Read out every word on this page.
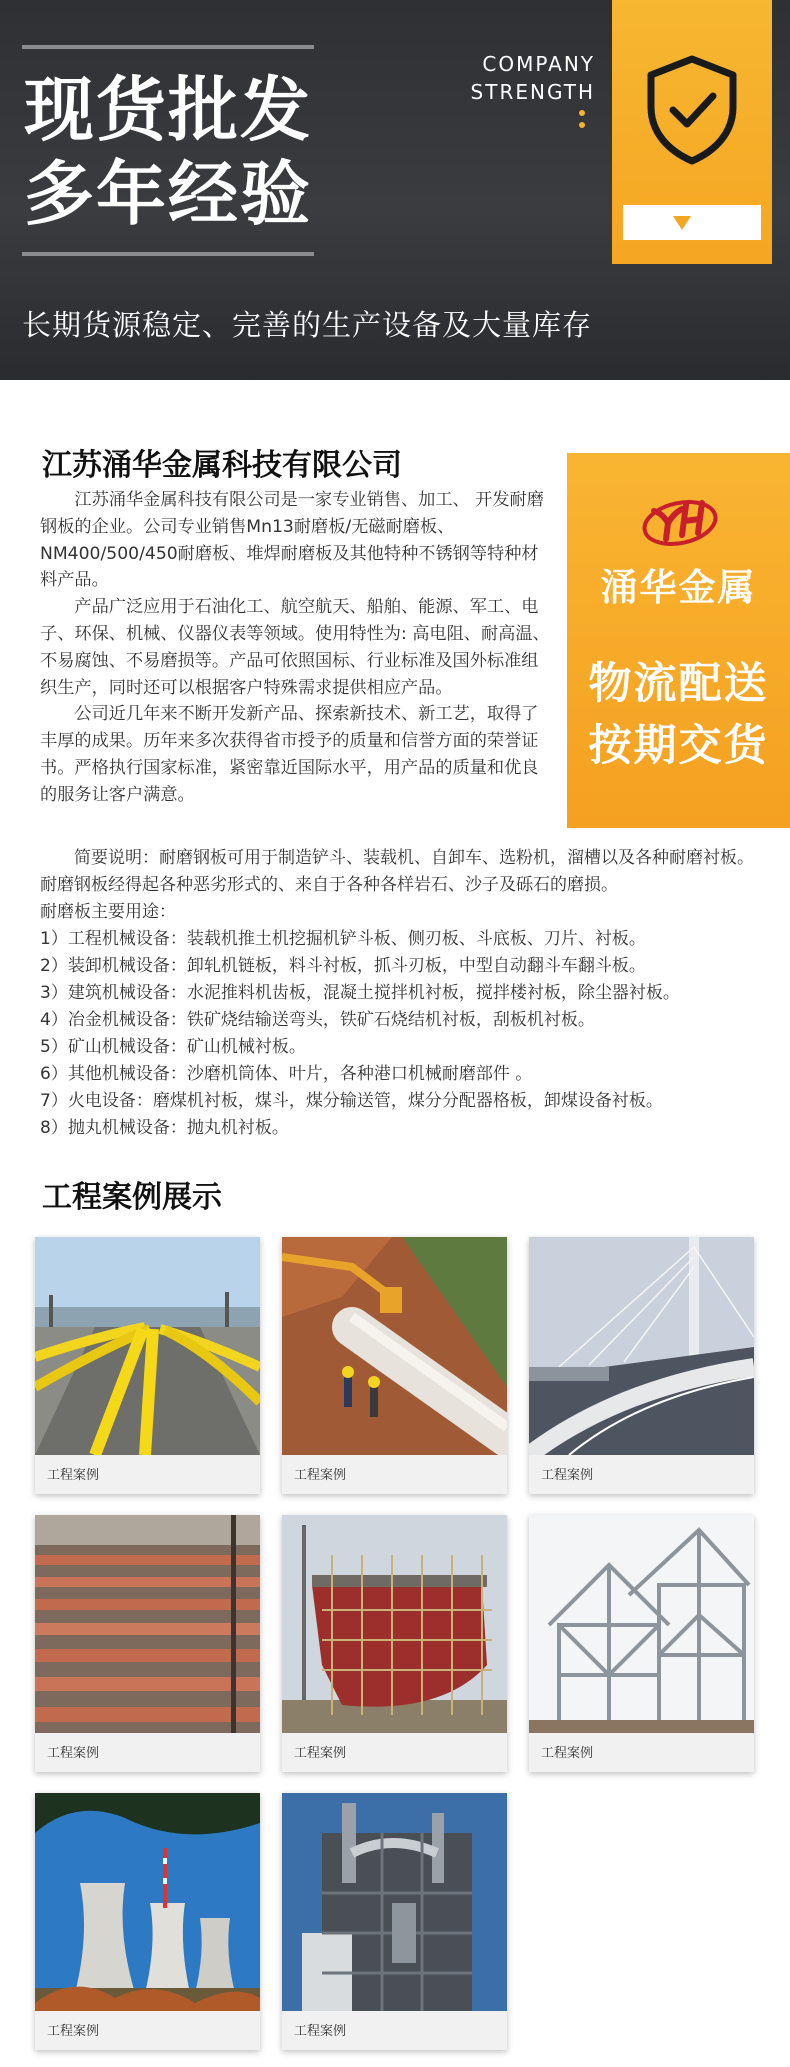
现货批发
多年经验
COMPANY
STRENGTH
长期货源稳定、完善的生产设备及大量库存
江苏涌华金属科技有限公司

江苏涌华金属科技有限公司是一家专业销售、加工、 开发耐磨钢板的企业。公司专业销售Mn13耐磨板/无磁耐磨板、NM400/500/450耐磨板、堆焊耐磨板及其他特种不锈钢等特种材料产品。

产品广泛应用于石油化工、航空航天、船舶、能源、军工、电子、环保、机械、仪器仪表等领域。使用特性为: 高电阻、耐高温、不易腐蚀、不易磨损等。产品可依照国标、行业标准及国外标准组织生产，同时还可以根据客户特殊需求提供相应产品。

公司近几年来不断开发新产品、探索新技术、新工艺，取得了丰厚的成果。历年来多次获得省市授予的质量和信誉方面的荣誉证书。严格执行国家标准，紧密靠近国际水平，用产品的质量和优良的服务让客户满意。

涌华金属
物流配送
按期交货

简要说明：耐磨钢板可用于制造铲斗、装载机、自卸车、选粉机，溜槽以及各种耐磨衬板。耐磨钢板经得起各种恶劣形式的、来自于各种各样岩石、沙子及砾石的磨损。

耐磨板主要用途：

1）工程机械设备：装载机推土机挖掘机铲斗板、侧刃板、斗底板、刀片、衬板。

2）装卸机械设备：卸轧机链板，料斗衬板，抓斗刃板，中型自动翻斗车翻斗板。

3）建筑机械设备：水泥推料机齿板，混凝土搅拌机衬板，搅拌楼衬板，除尘器衬板。

4）冶金机械设备：铁矿烧结输送弯头，铁矿石烧结机衬板，刮板机衬板。

5）矿山机械设备：矿山机械衬板。

6）其他机械设备：沙磨机筒体、叶片，各种港口机械耐磨部件 。

7）火电设备：磨煤机衬板，煤斗，煤分输送管，煤分分配器格板，卸煤设备衬板。

8）抛丸机械设备：抛丸机衬板。

工程案例展示
工程案例	工程案例	工程案例
工程案例	工程案例	工程案例
工程案例	工程案例
